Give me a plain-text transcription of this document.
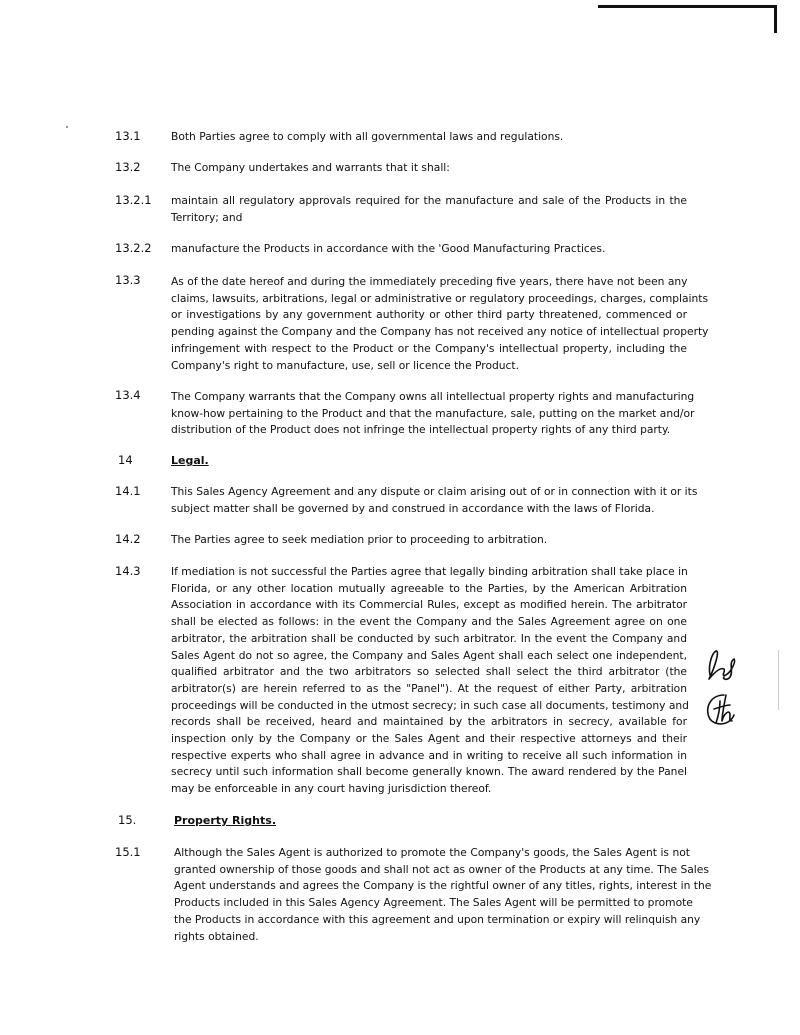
13.1	Both Parties agree to comply with all governmental laws and regulations.
13.2	The Company undertakes and warrants that it shall:
13.2.1 maintain all regulatory approvals required for the manufacture and sale of the Products in the
Territory; and
13.2.2 manufacture the Products in accordance with the 'Good Manufacturing Practices.
13.3	As of the date hereof and during the immediately preceding five years, there have not been any
claims, lawsuits, arbitrations, legal or administrative or regulatory proceedings, charges, complaints
or investigations by any government authority or other third party threatened, commenced or
pending against the Company and the Company has not received any notice of intellectual property
infringement with respect to the Product or the Company's intellectual property, including the
Company's right to manufacture, use, sell or licence the Product.
13.4	The Company warrants that the Company owns all intellectual property rights and manufacturing
know-how pertaining to the Product and that the manufacture, sale, putting on the market and/or
distribution of the Product does not infringe the intellectual property rights of any third party.
14	Legal.
14.1	This Sales Agency Agreement and any dispute or claim arising out of or in connection with it or its
subject matter shall be governed by and construed in accordance with the laws of Florida.
14.2	The Parties agree to seek mediation prior to proceeding to arbitration.
14.3	If mediation is not successful the Parties agree that legally binding arbitration shall take place in
Florida, or any other location mutually agreeable to the Parties, by the American Arbitration
Association in accordance with its Commercial Rules, except as modified herein. The arbitrator
shall be elected as follows: in the event the Company and the Sales Agreement agree on one
arbitrator, the arbitration shall be conducted by such arbitrator. In the event the Company and
Sales Agent do not so agree, the Company and Sales Agent shall each select one independent,
qualified arbitrator and the two arbitrators so selected shall select the third arbitrator (the
arbitrator(s) are herein referred to as the "Panel"). At the request of either Party, arbitration
proceedings will be conducted in the utmost secrecy; in such case all documents, testimony and
records shall be received, heard and maintained by the arbitrators in secrecy, available for
inspection only by the Company or the Sales Agent and their respective attorneys and their
respective experts who shall agree in advance and in writing to receive all such information in
secrecy until such information shall become generally known. The award rendered by the Panel
may be enforceable in any court having jurisdiction thereof.
15.	Property Rights.
15.1	Although the Sales Agent is authorized to promote the Company's goods, the Sales Agent is not
granted ownership of those goods and shall not act as owner of the Products at any time. The Sales
Agent understands and agrees the Company is the rightful owner of any titles, rights, interest in the
Products included in this Sales Agency Agreement. The Sales Agent will be permitted to promote
the Products in accordance with this agreement and upon termination or expiry will relinquish any
rights obtained.
